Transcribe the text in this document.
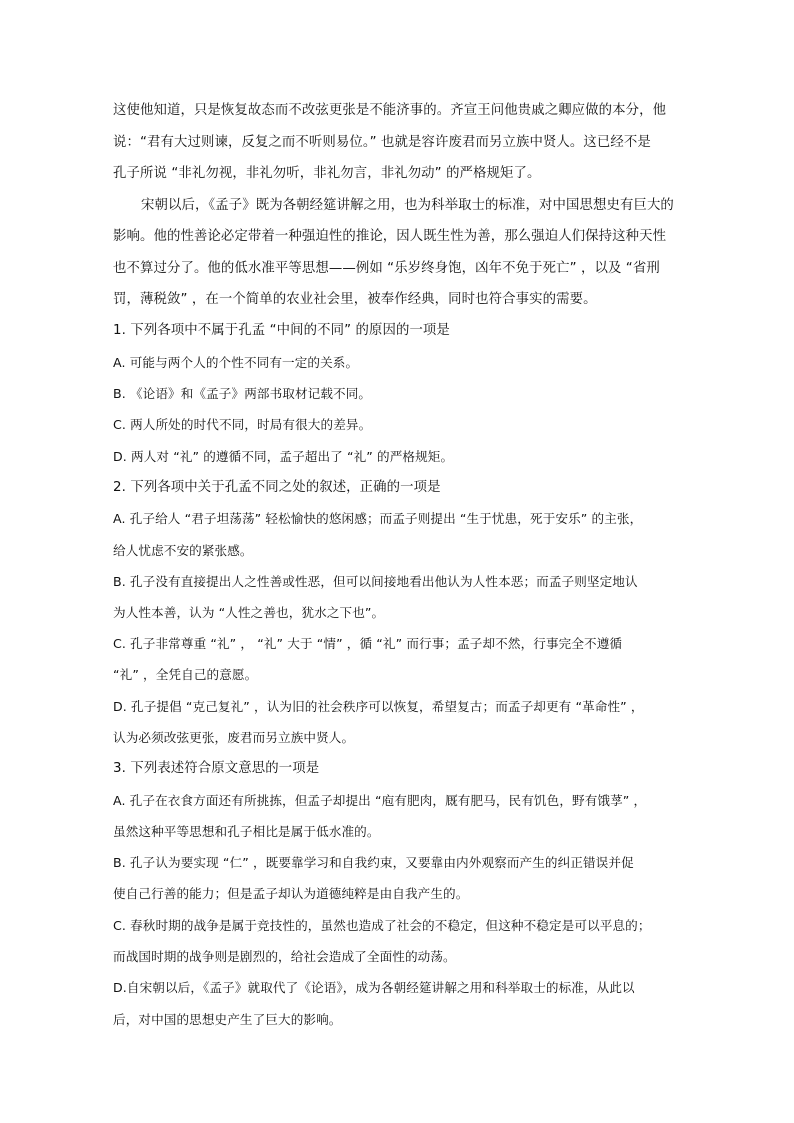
这使他知道，只是恢复故态而不改弦更张是不能济事的。齐宣王问他贵戚之卿应做的本分，他
说：“君有大过则谏，反复之而不听则易位。” 也就是容许废君而另立族中贤人。这已经不是
孔子所说 “非礼勿视，非礼勿听，非礼勿言，非礼勿动” 的严格规矩了。
宋朝以后，《孟子》既为各朝经筵讲解之用，也为科举取士的标准，对中国思想史有巨大的
影响。他的性善论必定带着一种强迫性的推论，因人既生性为善，那么强迫人们保持这种天性
也不算过分了。他的低水准平等思想——例如 “乐岁终身饱，凶年不免于死亡” ，以及 “省刑
罚，薄税敛” ，在一个简单的农业社会里，被奉作经典，同时也符合事实的需要。
1. 下列各项中不属于孔孟 “中间的不同” 的原因的一项是
A. 可能与两个人的个性不同有一定的关系。
B. 《论语》和《孟子》两部书取材记载不同。
C. 两人所处的时代不同，时局有很大的差异。
D. 两人对 “礼” 的遵循不同，孟子超出了 “礼” 的严格规矩。
2. 下列各项中关于孔孟不同之处的叙述，正确的一项是
A. 孔子给人 “君子坦荡荡” 轻松愉快的悠闲感；而孟子则提出 “生于忧患，死于安乐” 的主张，
给人忧虑不安的紧张感。
B. 孔子没有直接提出人之性善或性恶，但可以间接地看出他认为人性本恶；而孟子则坚定地认
为人性本善，认为 “人性之善也，犹水之下也”。
C. 孔子非常尊重 “礼” ， “礼” 大于 “情” ，循 “礼” 而行事；孟子却不然，行事完全不遵循
“礼” ，全凭自己的意愿。
D. 孔子提倡 “克己复礼” ，认为旧的社会秩序可以恢复，希望复古；而孟子却更有 “革命性” ，
认为必须改弦更张，废君而另立族中贤人。
3. 下列表述符合原文意思的一项是
A. 孔子在衣食方面还有所挑拣，但孟子却提出 “庖有肥肉，厩有肥马，民有饥色，野有饿莩” ，
虽然这种平等思想和孔子相比是属于低水准的。
B. 孔子认为要实现 “仁” ，既要靠学习和自我约束，又要靠由内外观察而产生的纠正错误并促
使自己行善的能力；但是孟子却认为道德纯粹是由自我产生的。
C. 春秋时期的战争是属于竞技性的，虽然也造成了社会的不稳定，但这种不稳定是可以平息的；
而战国时期的战争则是剧烈的，给社会造成了全面性的动荡。
D.自宋朝以后，《孟子》就取代了《论语》，成为各朝经筵讲解之用和科举取士的标准，从此以
后，对中国的思想史产生了巨大的影响。
